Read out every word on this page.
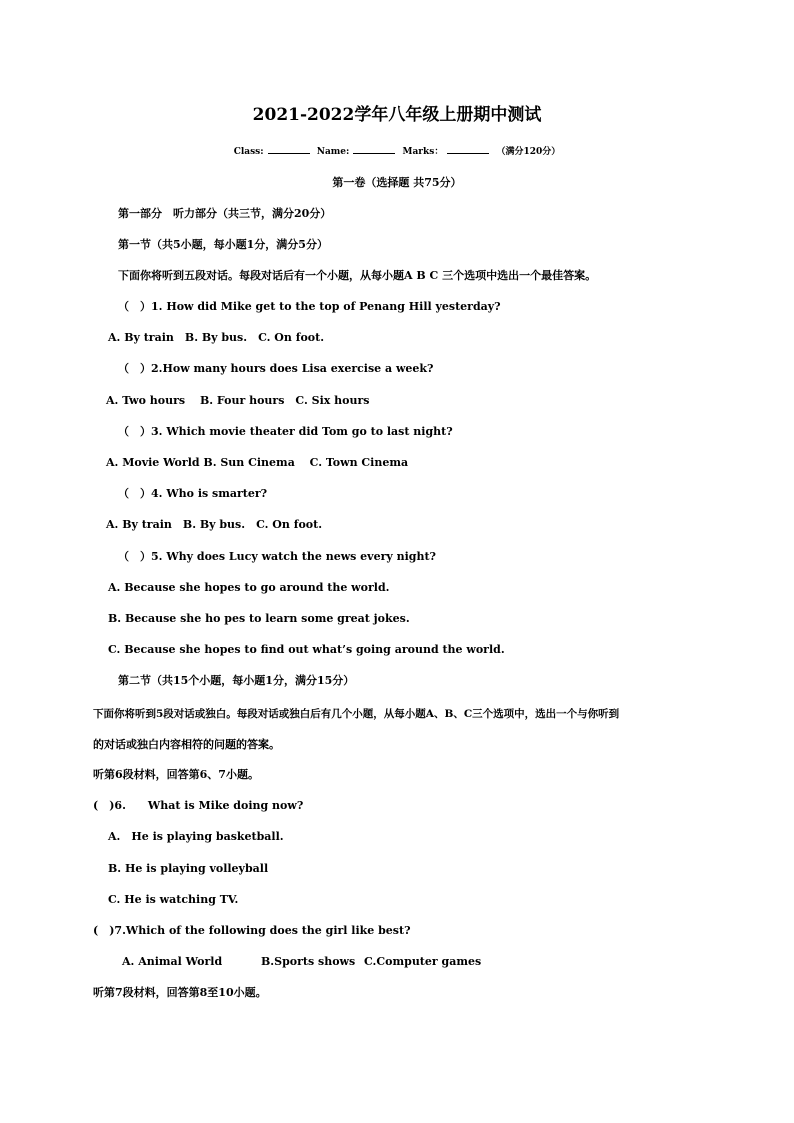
2021-2022学年八年级上册期中测试
Class:	Name:	Marks：	（满分120分）
第一卷（选择题 共75分）
第一部分　听力部分（共三节，满分20分）
第一节（共5小题，每小题1分，满分5分）
下面你将听到五段对话。每段对话后有一个小题，从每小题A B C 三个选项中选出一个最佳答案。
（　）1. How did Mike get to the top of Penang Hill yesterday?
A. By train　B. By bus.　C. On foot.
（　）2.How many hours does Lisa exercise a week?
A. Two hours　 B. Four hours　C. Six hours
（　）3. Which movie theater did Tom go to last night?
A. Movie World B. Sun Cinema　 C. Town Cinema
（　）4. Who is smarter?
A. By train　B. By bus.　C. On foot.
（　）5. Why does Lucy watch the news every night?
A. Because she hopes to go around the world.
B. Because she ho pes to learn some great jokes.
C. Because she hopes to find out what’s going around the world.
第二节（共15个小题，每小题1分，满分15分）
下面你将听到5段对话或独白。每段对话或独白后有几个小题，从每小题A、B、C三个选项中，选出一个与你听到
的对话或独白内容相符的问题的答案。
听第6段材料，回答第6、7小题。
(　)6.　　What is Mike doing now?
A.　He is playing basketball.
B. He is playing volleyball
C. He is watching TV.
(　)7.Which of the following does the girl like best?
A. Animal World	B.Sports shows C.Computer games
听第7段材料，回答第8至10小题。
